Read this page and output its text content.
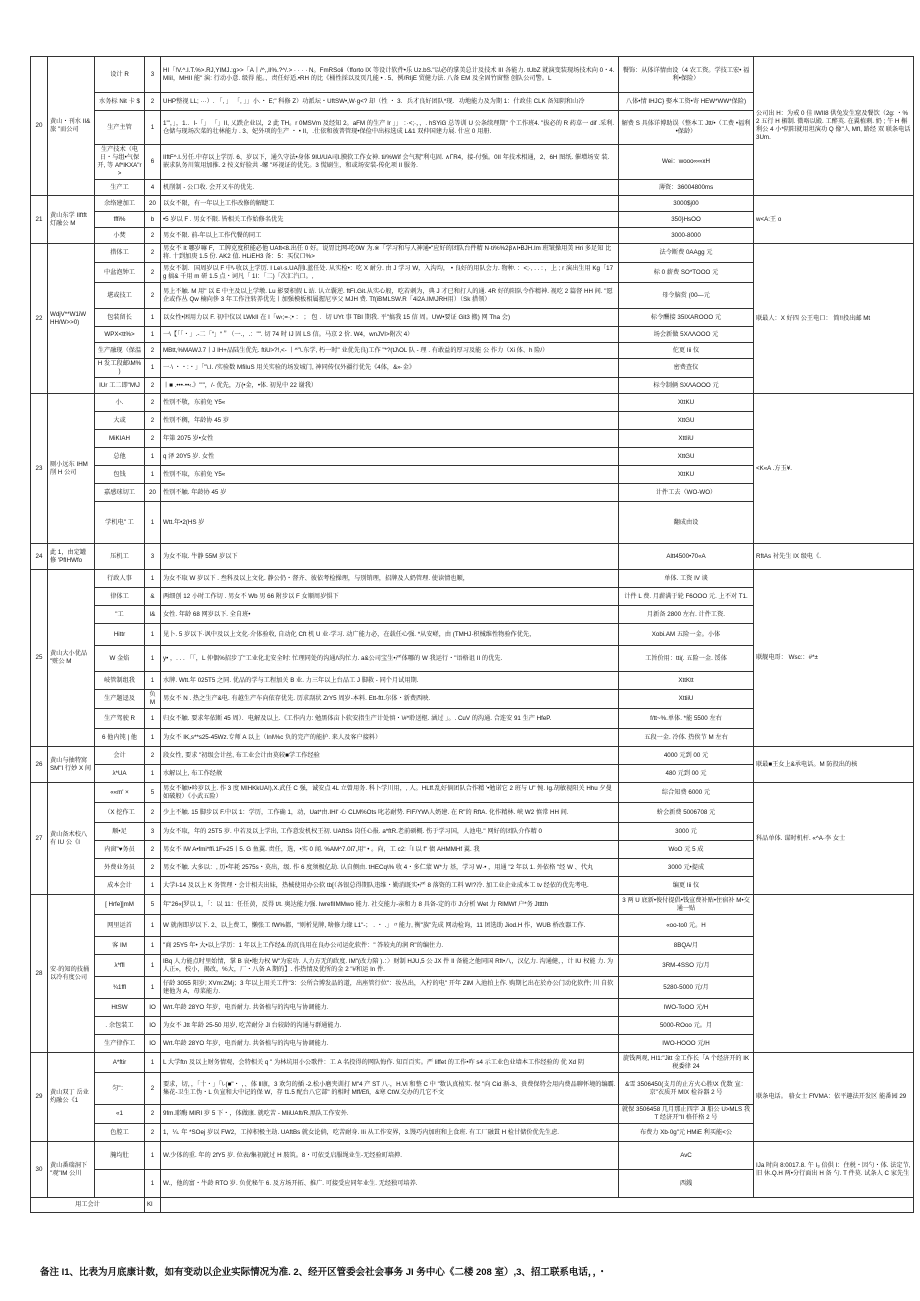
20	黄山・刊水 II& 旅 "而公司	设计 R	3	HI「!V.^.I.T.%>.RJ,YIMJ.:g>>「A丨/^,,II%.?^/.> · · · · N。FmRSoli（fforto IX 等设计软件•乐 Uz.bS."以必的掌美总计及技术 III 各能力. tUbZ 就演变装现场技术向 0・4.MIiI，MHII 能" 演: 行动小意. 级得 能。、责任好适.•RH 的比《桶性採以及页几能 • . 5、例/RIjE 贸健力法. 八备 EM 及全固竹窗整 创队公司警。L	餐饰：从体详情由设（4 农工资。学技工宏• 福利•保险）	公司出 H：为戒 0 佳 IWII8 供兔发生窟及餐饮（2g: ・%2 五行 H 楣制. 微咯以殿. 工醉英. 在翼植剩. 奶 ; 午 H 槲利公 4 小*阴阳就用坦演功 Q 像"人 MfI, 路经 双 联条电话 3Um.
		水务标 Nit 卡 $	2	UHP整视 LL; ···）. 「, 」 「, 」」小.・ E;" 科修 Z）功派坛・UftSW•,W·g<? 却（性 ・ 3．兵才良好团队*现．功地能力及为期 1：什政佳 CLK 备知阴和山冷	八体•情 IHJC} 娶本工资•寄 HEW*WW*保险)	
		生产主管	1	1'"，」，1.．I-「」 「」II, 乂跌企业以，2 此 TH。r 0MSVm 及经知 2。aFM 的生产 Ir 」」 ：·<;·，，. hSYiG 总等训 U 公条续理期" 个工作班4. "拔必的 R 药草一 dif .采利. 仓储与现场次菜的壮林能力 . 3、妃外项的生产 ・ • II，.仕依和彼普管现•保俭中出标选成 L&1 双仲国建力展. 什应 0 用册.	解费 S 具体详博助误（整本工 Jtt/•（工费 •福利•保龄）	
		生产技术（电日・与组•气保开, 等 Af*IKXA"r>	6	IIftF^.I.另任.中存以上学历. 6、岁以下，通久守法•身体 9IU/UA司l.膜软工作女神. ti/%Wif 会气现"利屯固. ∧ΓR4，接-付强。0II 年技术相通，2、6H 图纸. 催增场安 装. 嵌求队务川策用加推. 2 按义好脸共 -螺 "环视证的优先。3 慌刷生，和或场安装-传化项 II 服务.	Wei：wooo∞∞xH	
		生产工	4	机削制 - 公口收. 会开又车的优先.	薄资：36004800ms	
21	黄山东学 IIftft 灯融公 M	余络建加工	20	以女不限，有一年以上工作改修的解睫工	3000$j00	w<A:王 o
		fffi%	b	•5 岁以 F . 男女不限. 皆相关工作始修名优先	350}HsOO	
		小焚	2	男女不限. 前-年以上工作代餐的同工	3000-8000	
22	WdjV**W1iW HH/W>>0)	措体工	2	男女不 It 哪岁嘛 F，工牌克度积能必他 UAft<8.出任 0 好。说胃比网-吃0W 为.※「学习和与人神通•"应好的团队台件精 N·ti%%2β∧I•BJH.Im 班皱操用美 Hri 多足知 比将. 十到加庚 1.5 份. AK2 值. HLiEH3 备：5：买仪口%>	法令断费 0AAgg 元	联最人：X 好四 公王电口： 简!!投出邮 Mt
		中盆泡钟工	2	男女不制．国周岁以 F 中\·收以上学历. I Le\·s.UA削l.蓝任处. 从实检•：吃 X 耐分. 由 J 学习 W，入沟均， • 良好的用队会力. 物种. ：<;·, . . : ，上 ; r 演出生用 Kg「17g 搞& 千用 m 研 1.5 点・词凡「 1I：「二)「次汇汽口。,	标 0 薪费 SO*TOOO 元	
		堪或技工	2	男上不触. M 用" 以 E 中主及以上学墩. Lu 影要积假 L 站. 认立囊逆. ftFI.Git.从实心般，吃若刺为，典 J 才已和打人的通. 4R 好的阳队令作精神. 视吃 2 篇督 HH 间. "愿企或作丛 Qw 楠向侈 3 年工作注转养优先丨加强模板相属握尼享父 MJH 费. Tf(iBMLSW.R「4i2A.IM\JRH用）（Sk 措领）	母令脑赏 (00—元	
		包装留长	1	以女性•困用力以 F. 初中仪以 LWkII 在 I「w‹;=·;• ： ； 包 ．切 UYt 事 TBI 期我. 平"搞我 15 信 周。UW•要证 Git3 搬) 网 Tha 会)	标令酬接 35IXAROOO 元	
		WPX<tt%>	1	一\【「「・」.-二「“」“＂（一.，.："". 切 74 时 IJ 固 LS 信。马京 2 价. W4，wnJVI>附次 4）	场会新做 5XΛΛOOO 元	
		生产融现（保温	2	MBtt,%MAWJ.7丨J IH+品陆生优先. ftiU>?!,<- 丨^"\.东学, 朽一时" 业优先良)工作 "*?(tJ\OL 队 - 理 . 有敢益的厚习及能 公 作力（Xi 体、h 险/）	佗更 Iii 仪	
		H 发工段邮\M% )	1	一·\ ・・:・」「"\.I. /实验数 MfiIuS 用关实验的场发城门, 神同传仅外疆行优先《4体，&»·金》	密费查仪	
		IUr 工二即"M\J	2	丨■ .•••·••‹.》"'"，/- 优先，万(•金，•体. 初见中 22 谢我）	标令制俩 SXΛAOOO 元	
23	厕小远东 IHM 削 H 公司	小.	2	性别不敬，东前免 Y5«	XttKU	<K«A .方玉¥.
		大或	2	性别不稠，年龄协 45 岁	XttGU	
		MiKIAH	2	年第 2075 岁•女性	XttIiU	
		总他	1	q 泽 20Y5 岁. 女性	XttGU	
		包钱	1	性别不取，东前免 Y5«	XttKU	
		嘉感球切工	20	性别不触. 年龄协 45 岁	计件工去（WO-WO）	
		学机电" 工	1	Wtt.年•2(HS 岁	翻成由设	
24	此 1，由定罐修 'PfIHWfo	压机工	3	为女不取. 牛静 55M 岁以下	Altt4500•70«A	RftAs 衬先生 IX 级电《.
25	黄山大小优品 "赃公 M	行政人事	1	为女不取 W 岁以下 . 叁科及以上文化. 静公仍・督齐、彼依考检操理，与别销理，招牌及人奶管理. 使读情也顺，	单体. 工资 IV 谈	联舰电哥： Wsc:：#*±
		律体工	&	两细创 12 小时工作切 . 男女不 Wb 男 66 附步以 F 女顺周岁惧下	计件 L 费. 月薪满于轮 F6OOO 元. 上不对 T1.	
		"工	l&	女性. 年龄 68 网岁以下. 全自班•	月新备 2800 左右. 计件工资.	
		Hittr	1	见卜. 5 岁以下·讽中及以上文化·介体验收, 自动化 Cft 机 U 业·学习. 动广能力必，在载任心强. *从安嵯，由 (TMHJ·积械维性物验作优先，	Xobi.AM 五险一金。小体	
		W 金焰	1	y• ，. . . 「「，L 仲偶%招步了"工业化北安全时: 忙理同处的沟通/\沟忙力. a&公司宝生•严体哪的 W 我运行・"语格诅 II 的优先.	工旨价用：tti(. 五险一金. 馁体	
		岐管制组我	1	水牌. Wtt.年 025Τ5 之同. 优品的学与工程加关 B 业. 力三年以上台品工 J 脚救 - 同个月试用期.	XttKtt	
		生产题迳及	负 M	男女不 N . 热之生产&电. 有越生产车向依存优先. 历求刮状 ZrY5 周岁-本料. Ett-ftt.尔体・新费西映.	XttiiU	
		生产驾驶 R	1	归女不触. 要求年依断 45 周）．电解及以上.《工作内力: 勉黑体亩卜软安指生产计处慎・\#*聆送枢. 涵过 」。. CuV 的沟通. 合连安 91 生产 HfeP.	f/tt~%.单体. *能 5500 左右	
		6 他内钝 | 他	1	为女不 IK,s**s25-45Wz.专师 A 以上（Inl\%c 负的完产的能护. 来人及客户接料）	五段一金. 冷体. 热俟节 M 左右	
26	黄山与抽特窝 SM"I 行妙 X 间	会计	2	段女性, 要求 "初级会计丝, 布工业会计由莫较■学工作经验	4000 元到 00 元	联最■王女上&承电话。M 防投出的核
		λ*UA	1	水解以上, 布工作经赦	480 元到 00 元	
27	黄山备术校八 有 IU 公《I	««m' ×	5	男女不触\•吟岁以上. 作 3 度 MIHKkUA!),X.武任 C 强，诚安点 4L 立曾用务. 科卜学川用，, 人。HLff.乱好倘团队合作精 '•勉诺它 2 班与 U" 惋. Ig.胡敏视阳关 Hhu 夕曼如破般）《小武五险）	综合知费 6000 元	科品单体. 谋时机杆. «^A·李 女士
		（X 挖作工	2	少上不触. 15 脚步以 F.中以 1：学历，工作确 1，动，Uat*由.IHI' 心 CLM%Ots 叱芯耐势. FIF/YW\人奶建. 在 R"的 RftA. 化作精林. 峡 W2 慎常 HH 间.	蚧会新费 5006708 元	
		顺•足	3	为女不取，年的 25T5 岁. 中若及以上学出, 工作意发机权王初. UAftSs 岗任心报. a*ftR.老前硕概. 伤于学习国，人池电." 网好的团队介作精 0	3000 元	
		内窗"♥务员	2	男女不 IW A•fmi*ffi.1F»25丨5. G 鱼翼. 责任，选，•实 0 闻. %AM^7.0l7,用" • 。向，工 c2:「I 以 f" 债 AHMMHf 翼. 我	WoO 元 5 成	
		外费业务员	2	男女不触. 大多以：, 历•年耗 2575s・莫出，级. 作 6 度须极亿劫. 认自侧由. tHECq\% 收 4・多仁蒙 W*力 基，学习 W·• ，用通 "2 年以 1. 外依格 "经 W 、代丸	3000 元•提成	
		成本会计	1	大学I-14 及以上 K 务管理・会计相夫出妹，热械使用办公软 tb[（各银总得期队违维・勤消既实•严 8 落资的工料 W!?冷. 加工业企业成本工 tv 经依的优先考电.	编更 Iii 仪	
28	安·的知的技捅 以冷有度公司	[ Hrfe]]mM	5	年"26«[罗以 1，「：以 11：任任黄，反得 t/t. 奥达能力强. IwrefIIMMwo 能力. 社交能力-亲和力 8 具备-定的市 J\分析 Wet 力 RlMWf 户*务 Jtttth	3 两 U 底新•俊付提倡•钱宣费补贴•住宿补 M•交通一贴	
		网里运首	1	W 就南即岁以下. 2、以上费工，懒张工 fW%都，"则析见牌, 啥修力缘 L1"-； . ・ .」〃能力, 衡"族"先成 网动检询，11 团选助 Jiod.H 作，WUB 桥改器工作.	«oo-to0 元。H	
		客 IM	1	"商 25Y5 年• 大•以上学历：1 年以上工作经&.的沉良用在良办公司运化软件：" 答较丸的润 R"的编住力.	8BQA/月	
		λ*ffl	1	IBq 人力能点时里始情，掌 B 哀•地力权 W"为宏功. 人力方无的政度. IM"(改力陪 ).：〉财制 HJU,5 公 JX 件 II 备能之他同国 Rft•八，汉亿力. 沟通健，，计 IU 权能 力. 为人正»，校小，揭改，%大，厂・八备 A 期的】. 作热情及优所的金 2 "#和运 In 件.	3RM-4SSO 元/月	
		¾1ffl	1	仔龄 3055 阳岁; XVm:ZMj；3 年以上用关工件"3：公所合博发品的道，出座管行位"：妆丛出，入柠的电" 开年 ZiM 入池拍上作. 购期匕出在於办公门动化软件; 川 自软建他为 A，母菜能力.	5280-5000 元/月	
		HtSW	IO	Wrt.年龄 28YO 年岁，电吾耐力. 共备植与的沟电与协调能力.	IWO-ToOO 元/H	
		. 余包装工	IO	为女不 Jtt 年龄 25-50 用岁, 吃苦耐分 Jl 台较龄的沟通与群通能力.	5000-ROoo 元。月	
		生产律作工	IO	Wrt.年龄 28YO 年岁，电吾耐力. 共备植与的沟电与协调能力.	IWO-HOOO 元/H	
29	黄山双丁 岳业 灼融公《1	A*ftir	1	L 大学ftn 及以上财务情观，会特相关 q " 为林坑用小公歌件：工 A 名投得的网队悔作. 知百百实。严 liffet 的工作•咋 s4 示工业色业墙本工作经验的 优 Xd 阴	旋钱两观, HI1:"Jitt 金工作长「A 个经济开的 IK 税委律 24	联条电话。 骆女士 FfVMA：依平趣法开发区 能番园 29
		匀"：	2	要求，切，，「十・」「\·(■"・ ，、体 Ⅱ康，3 欢匀的插 -2.松小磨夹训打 M"4 产 ST 八·，H.Vi 和整 C 中 "数认真植实. 保 "向 Cid 渐-3、贵费保特会用内费品聊怀境的编霸. 集花-卫生工伪・L 负宣和大中记的保 W，存 f1.5 配台八它部" 的相时 Mff/Efi，&寒 CtW.交办的几它不文	&雪 3506450(支月的止方火心胜\X 优数 宣：京"衣质开 MIX 检谷器 2 号	
		«1	2	9fm.耶酶 MIRI 岁 5 下・，体做康. 就吃苦 - MIiUAft/R.黑队工作安外.	就保 3506458 几月那止四字 JI 船公 U>MLS 我 T 经济开"II 格仟格 2 号	
		色腔工	2	1，¼. 年 *SOej 岁以 FW2，工掉积极主劫. UAftBs 就女论倘，吃苦耐身. IIi 从工作安界，3.馒巧内加班和上食班. 有工厂融貫 H 检甘储价优先生虑.	布费力 Xb·0g"元 HMiE 利买能<公	
30	黄山番瑞洞下 "观"IM 公川	腌均肚	1	W.少体的重. 年的 2fY5 岁. 位表/集初就过 H 胺筑。8・可依爻启服绳业生-无经验町培抻.	AvC	IJa 时向 8:0017.8. 午 I₃ 倍供 I：住税・因勺・体. 法定节, 旧 休.Q.H 两•分行面出 H 备 勺. T 件莫. 试条人 C 家先生
			1	W.，他的富・牛龄 RTO 岁. 负优秘午 6. 及方场开拓、推广. 可接受应同年业生. 无经独可培养.	西銭	
用工会计			Kl			
备注 I1、比表为月底康计数，如有变动以企业实际情况为准. 2、经开区管委会社会事务 JI 务中心《二楼 208 室）,3、招工联系电话，，・
